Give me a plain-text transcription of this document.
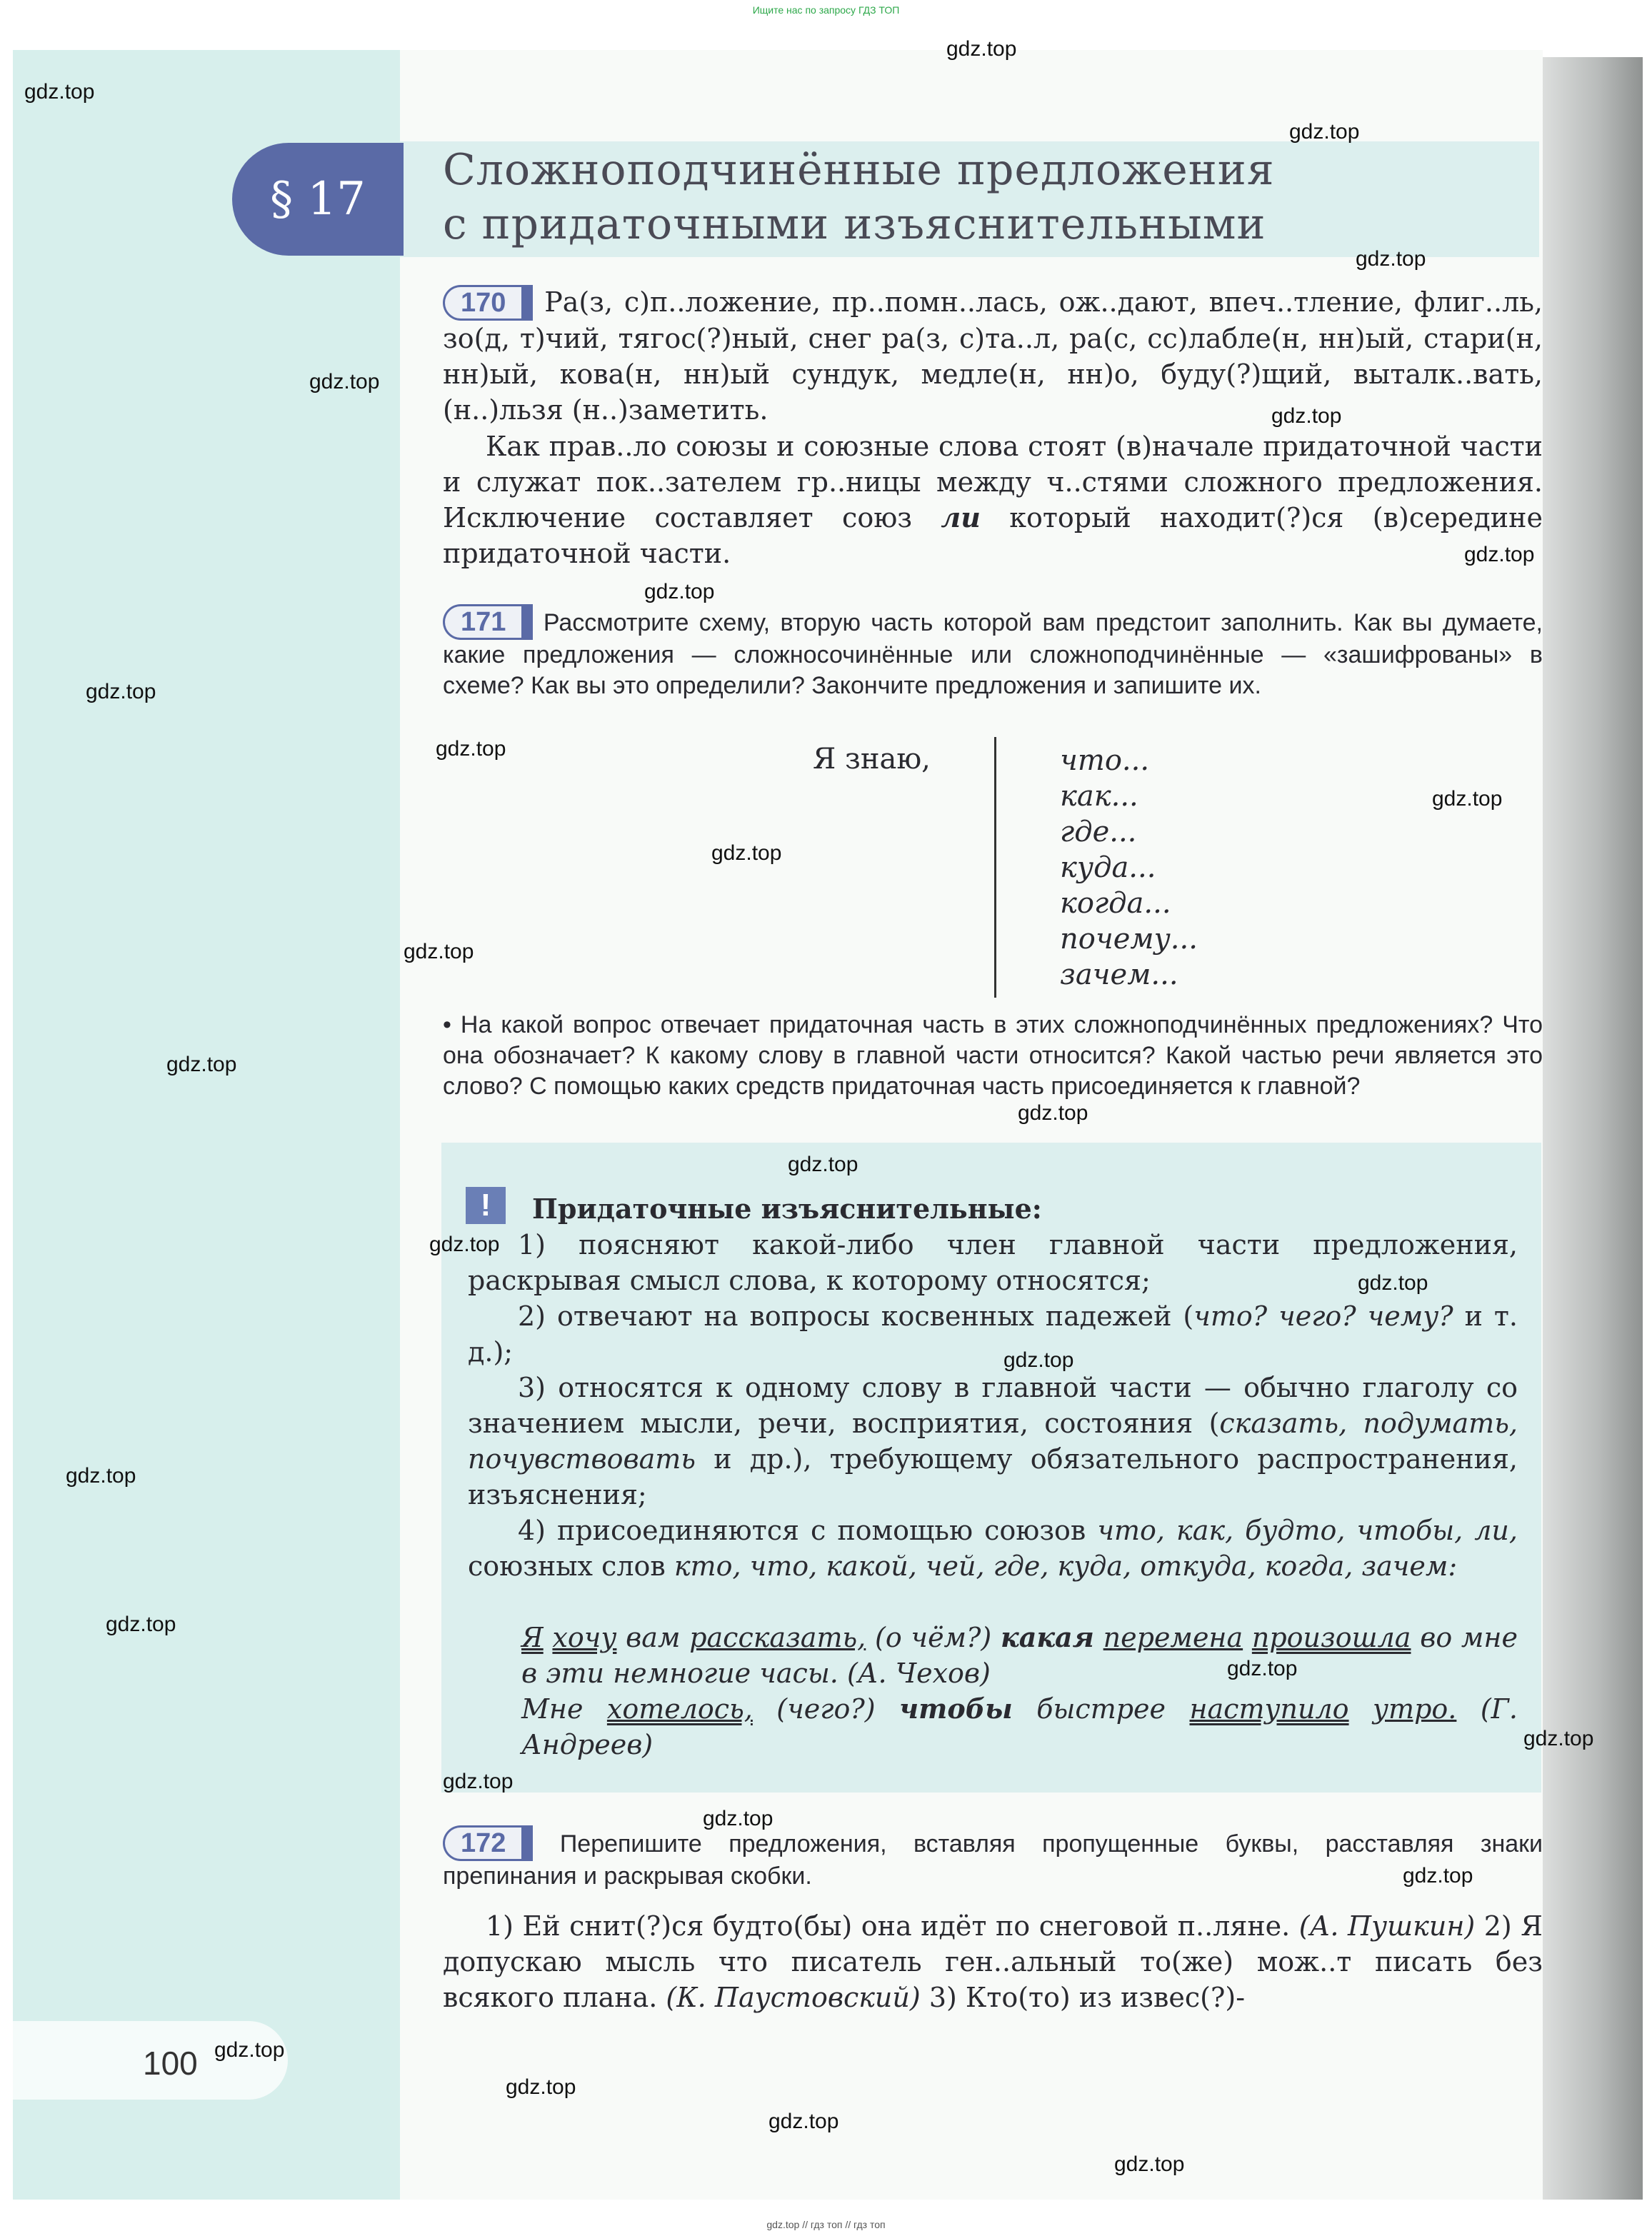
Ищите нас по запросу ГДЗ ТОП
§ 17
Сложноподчинённые предложения
с придаточными изъяснительными
170 Ра(з, с)п..ложение, пр..помн..лась, ож..дают, впеч..тление, флиг..ль, зо(д, т)чий, тягос(?)ный, снег ра(з, с)та..л, ра(с, сс)лабле(н, нн)ый, стари(н, нн)ый, кова(н, нн)ый сундук, медле(н, нн)о, буду(?)щий, выталк..вать, (н..)льзя (н..)заметить.
Как прав..ло союзы и союзные слова стоят (в)начале придаточной части и служат пок..зателем гр..ницы между ч..стями сложного предложения. Исключение составляет союз ли который находит(?)ся (в)середине придаточной части.
171 Рассмотрите схему, вторую часть которой вам предстоит заполнить. Как вы думаете, какие предложения — сложносочинённые или сложноподчинённые — «зашифрованы» в схеме? Как вы это определили? Закончите предложения и запишите их.
Я знаю,	что...
как...
где...
куда...
когда...
почему...
зачем...
• На какой вопрос отвечает придаточная часть в этих сложноподчинённых предложениях? Что она обозначает? К какому слову в главной части относится? Какой частью речи является это слово? С помощью каких средств придаточная часть присоединяется к главной?
!	Придаточные изъяснительные:
1) поясняют какой-либо член главной части предложения, раскрывая смысл слова, к которому относятся;
2) отвечают на вопросы косвенных падежей (что? чего? чему? и т. д.);
3) относятся к одному слову в главной части — обычно глаголу со значением мысли, речи, восприятия, состояния (сказать, подумать, почувствовать и др.), требующему обязательного распространения, изъяснения;
4) присоединяются с помощью союзов что, как, будто, чтобы, ли, союзных слов кто, что, какой, чей, где, куда, откуда, когда, зачем:
Я хочу вам рассказать, (о чём?) какая перемена произошла во мне в эти немногие часы. (А. Чехов)
Мне хотелось, (чего?) чтобы быстрее наступило утро. (Г. Андреев)
172 Перепишите предложения, вставляя пропущенные буквы, расставляя знаки препинания и раскрывая скобки.
1) Ей снит(?)ся будто(бы) она идёт по снеговой п..ляне. (А. Пушкин) 2) Я допускаю мысль что писатель ген..альный то(же) мож..т писать без всякого плана. (К. Паустовский) 3) Кто(то) из извес(?)-
100
gdz.top
gdz.top
gdz.top
gdz.top
gdz.top
gdz.top
gdz.top
gdz.top
gdz.top
gdz.top
gdz.top
gdz.top
gdz.top
gdz.top
gdz.top
gdz.top
gdz.top
gdz.top
gdz.top
gdz.top
gdz.top
gdz.top
gdz.top
gdz.top
gdz.top
gdz.top
gdz.top
gdz.top
gdz.top
gdz.top
gdz.top // гдз топ // гдз топ
